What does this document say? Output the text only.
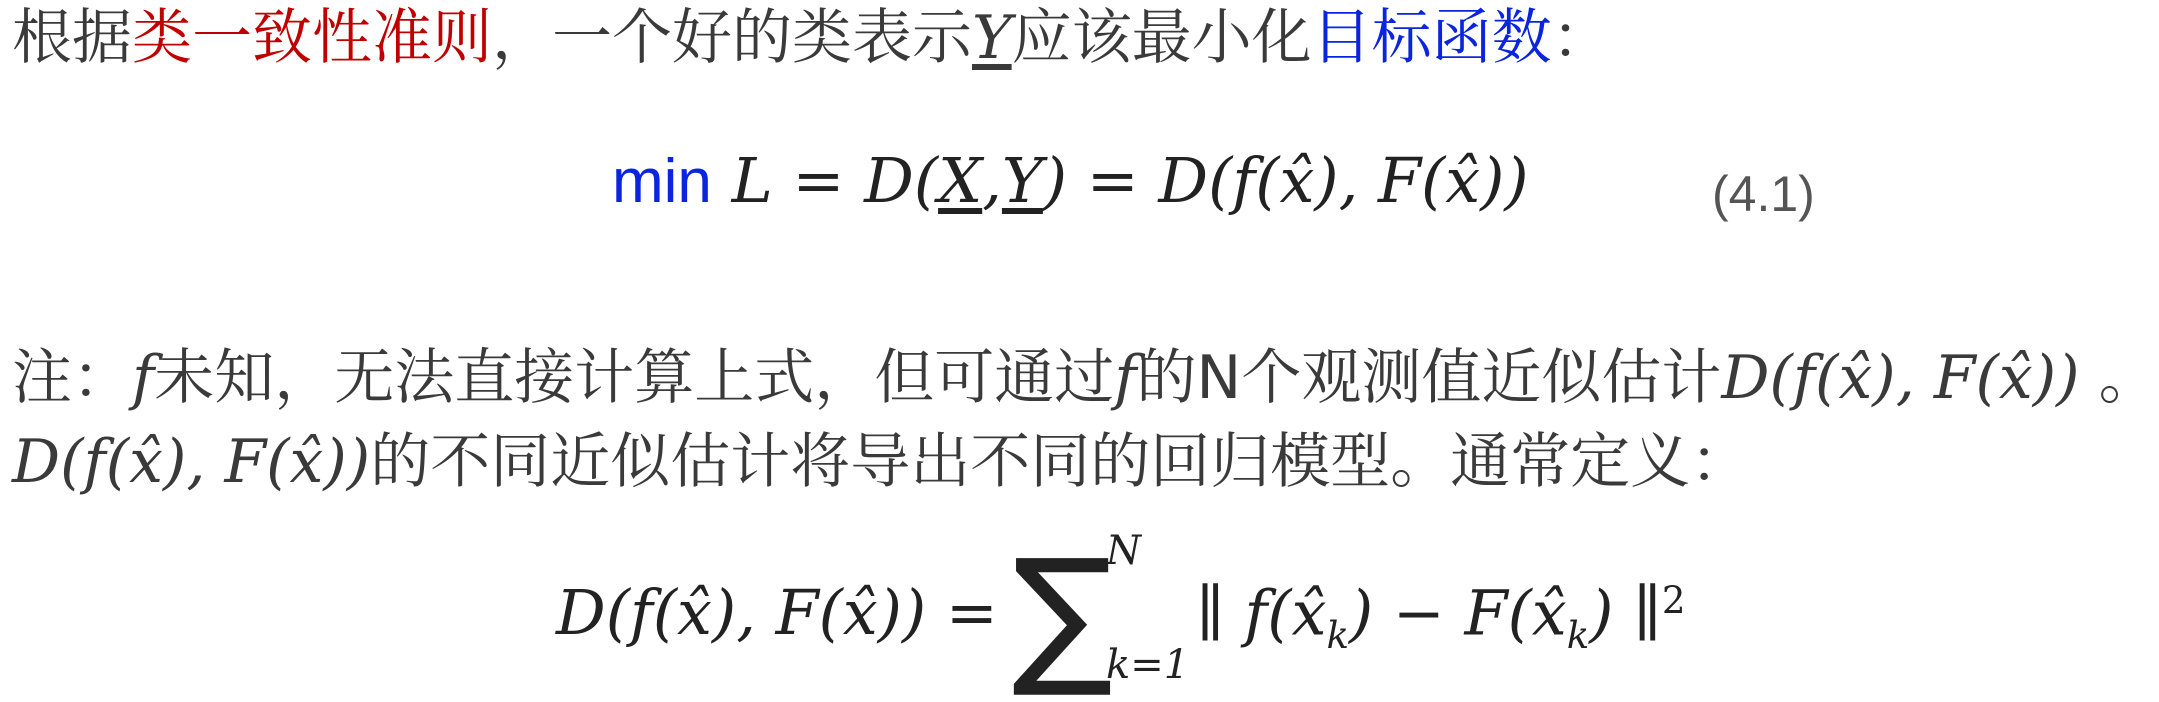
根据类一致性准则，一个好的类表示Y应该最小化目标函数：
min L = D(X,Y) = D(f(x̂), F(x̂))	(4.1)
注：f未知，无法直接计算上式，但可通过f的N个观测值近似估计D(f(x̂), F(x̂)) 。
D(f(x̂), F(x̂))的不同近似估计将导出不同的回归模型。通常定义：
D(f(x̂), F(x̂)) = ∑
N
k=1
∥ $f(x̂_k)$ − $F(x̂_k)$ ∥$^2$
